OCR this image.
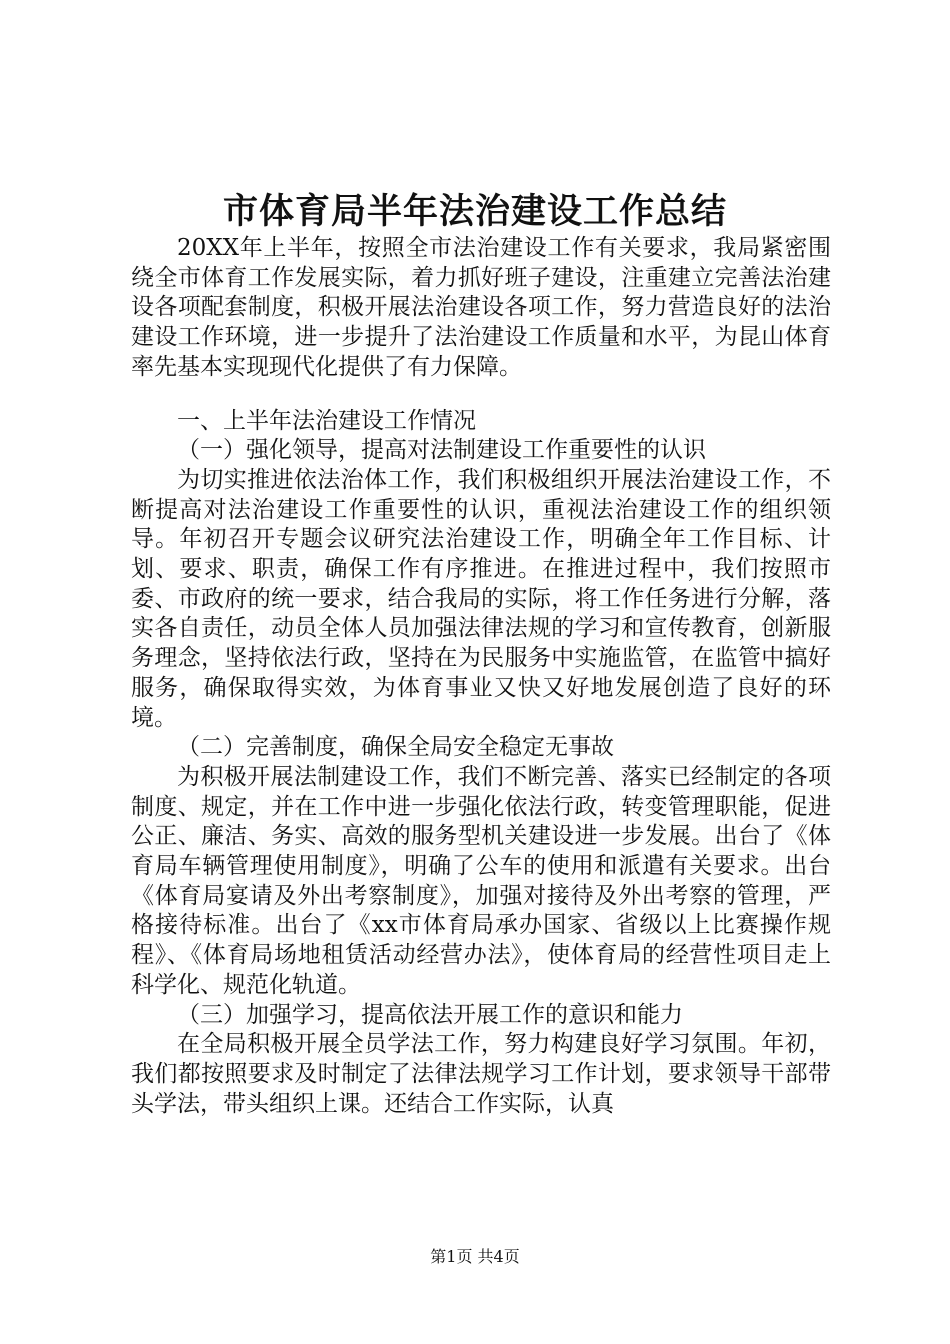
市体育局半年法治建设工作总结

20XX年上半年，按照全市法治建设工作有关要求，我局紧密围绕全市体育工作发展实际，着力抓好班子建设，注重建立完善法治建设各项配套制度，积极开展法治建设各项工作，努力营造良好的法治建设工作环境，进一步提升了法治建设工作质量和水平，为昆山体育率先基本实现现代化提供了有力保障。

一、上半年法治建设工作情况

（一）强化领导，提高对法制建设工作重要性的认识

为切实推进依法治体工作，我们积极组织开展法治建设工作，不断提高对法治建设工作重要性的认识，重视法治建设工作的组织领导。年初召开专题会议研究法治建设工作，明确全年工作目标、计划、要求、职责，确保工作有序推进。在推进过程中，我们按照市委、市政府的统一要求，结合我局的实际，将工作任务进行分解，落实各自责任，动员全体人员加强法律法规的学习和宣传教育，创新服务理念，坚持依法行政，坚持在为民服务中实施监管，在监管中搞好服务，确保取得实效，为体育事业又快又好地发展创造了良好的环境。

（二）完善制度，确保全局安全稳定无事故

为积极开展法制建设工作，我们不断完善、落实已经制定的各项制度、规定，并在工作中进一步强化依法行政，转变管理职能，促进公正、廉洁、务实、高效的服务型机关建设进一步发展。出台了《体育局车辆管理使用制度》，明确了公车的使用和派遣有关要求。出台《体育局宴请及外出考察制度》，加强对接待及外出考察的管理，严格接待标准。出台了《xx市体育局承办国家、省级以上比赛操作规程》、《体育局场地租赁活动经营办法》，使体育局的经营性项目走上科学化、规范化轨道。

（三）加强学习，提高依法开展工作的意识和能力

在全局积极开展全员学法工作，努力构建良好学习氛围。年初，我们都按照要求及时制定了法律法规学习工作计划，要求领导干部带头学法，带头组织上课。还结合工作实际，认真

第1页 共4页
